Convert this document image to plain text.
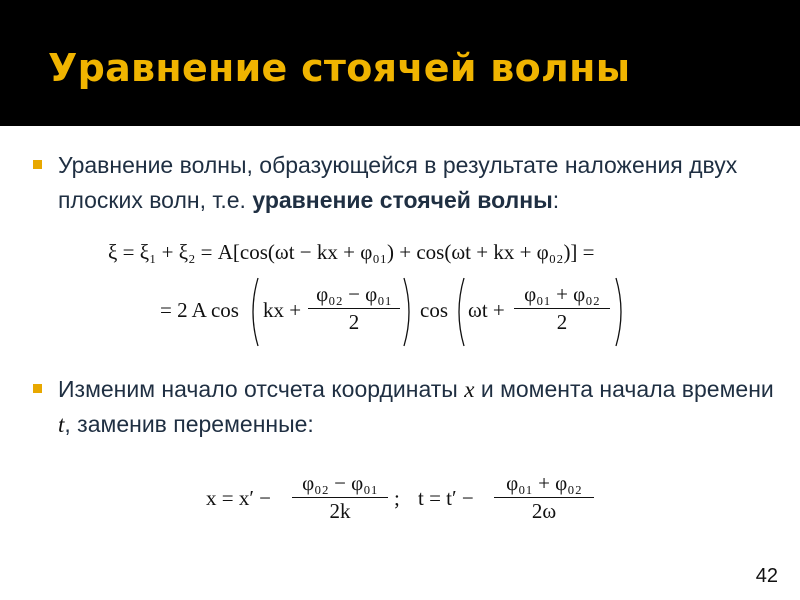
Уравнение стоячей волны

Уравнение волны, образующейся в результате наложения двух плоских волн, т.е. уравнение стоячей волны:

ξ = ξ₁ + ξ₂ = A[cos(ωt − kx + φ₀₁) + cos(ωt + kx + φ₀₂)] =
= 2 A cos kx +
φ₀₂ − φ₀₁
2	cos ωt +
φ₀₁ + φ₀₂
2

Изменим начало отсчета координаты x и момента начала времени t, заменив переменные:

x = x′ −
φ₀₂ − φ₀₁
2k
; t = t′ −
φ₀₁ + φ₀₂
2ω
42
